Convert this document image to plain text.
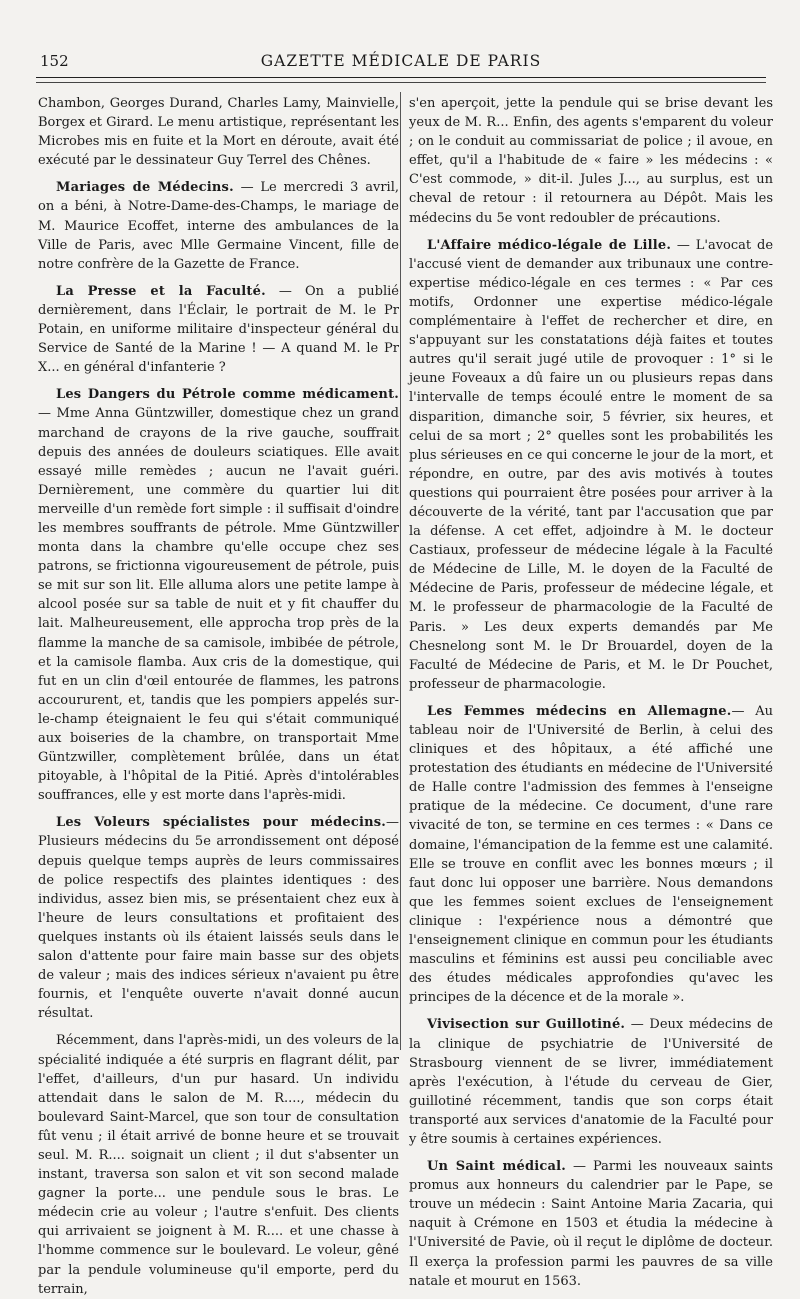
152	GAZETTE MÉDICALE DE PARIS

Chambon, Georges Durand, Charles Lamy, Mainvielle, Borgex et Girard. Le menu artistique, représentant les Microbes mis en fuite et la Mort en déroute, avait été exécuté par le dessinateur Guy Terrel des Chênes.

Mariages de Médecins. — Le mercredi 3 avril, on a béni, à Notre-Dame-des-Champs, le mariage de M. Maurice Ecoffet, interne des ambulances de la Ville de Paris, avec Mlle Germaine Vincent, fille de notre confrère de la Gazette de France.

La Presse et la Faculté. — On a publié dernièrement, dans l'Éclair, le portrait de M. le Pr Potain, en uniforme militaire d'inspecteur général du Service de Santé de la Marine ! — A quand M. le Pr X... en général d'infanterie ?

Les Dangers du Pétrole comme médicament. — Mme Anna Güntzwiller, domestique chez un grand marchand de crayons de la rive gauche, souffrait depuis des années de douleurs sciatiques. Elle avait essayé mille remèdes ; aucun ne l'avait guéri. Dernièrement, une commère du quartier lui dit merveille d'un remède fort simple : il suffisait d'oindre les membres souffrants de pétrole. Mme Güntzwiller monta dans la chambre qu'elle occupe chez ses patrons, se frictionna vigoureusement de pétrole, puis se mit sur son lit. Elle alluma alors une petite lampe à alcool posée sur sa table de nuit et y fit chauffer du lait. Malheureusement, elle approcha trop près de la flamme la manche de sa camisole, imbibée de pétrole, et la camisole flamba. Aux cris de la domestique, qui fut en un clin d'œil entourée de flammes, les patrons accoururent, et, tandis que les pompiers appelés sur-le-champ éteignaient le feu qui s'était communiqué aux boiseries de la chambre, on transportait Mme Güntzwiller, complètement brûlée, dans un état pitoyable, à l'hôpital de la Pitié. Après d'intolérables souffrances, elle y est morte dans l'après-midi.

Les Voleurs spécialistes pour médecins.—Plusieurs médecins du 5e arrondissement ont déposé depuis quelque temps auprès de leurs commissaires de police respectifs des plaintes identiques : des individus, assez bien mis, se présentaient chez eux à l'heure de leurs consultations et profitaient des quelques instants où ils étaient laissés seuls dans le salon d'attente pour faire main basse sur des objets de valeur ; mais des indices sérieux n'avaient pu être fournis, et l'enquête ouverte n'avait donné aucun résultat.

Récemment, dans l'après-midi, un des voleurs de la spécialité indiquée a été surpris en flagrant délit, par l'effet, d'ailleurs, d'un pur hasard. Un individu attendait dans le salon de M. R...., médecin du boulevard Saint-Marcel, que son tour de consultation fût venu ; il était arrivé de bonne heure et se trouvait seul. M. R.... soignait un client ; il dut s'absenter un instant, traversa son salon et vit son second malade gagner la porte... une pendule sous le bras. Le médecin crie au voleur ; l'autre s'enfuit. Des clients qui arrivaient se joignent à M. R.... et une chasse à l'homme commence sur le boulevard. Le voleur, gêné par la pendule volumineuse qu'il emporte, perd du terrain,

s'en aperçoit, jette la pendule qui se brise devant les yeux de M. R... Enfin, des agents s'emparent du voleur ; on le conduit au commissariat de police ; il avoue, en effet, qu'il a l'habitude de « faire » les médecins : « C'est commode, » dit-il. Jules J..., au surplus, est un cheval de retour : il retournera au Dépôt. Mais les médecins du 5e vont redoubler de précautions.

L'Affaire médico-légale de Lille. — L'avocat de l'accusé vient de demander aux tribunaux une contre-expertise médico-légale en ces termes : « Par ces motifs, Ordonner une expertise médico-légale complémentaire à l'effet de rechercher et dire, en s'appuyant sur les constatations déjà faites et toutes autres qu'il serait jugé utile de provoquer : 1° si le jeune Foveaux a dû faire un ou plusieurs repas dans l'intervalle de temps écoulé entre le moment de sa disparition, dimanche soir, 5 février, six heures, et celui de sa mort ; 2° quelles sont les probabilités les plus sérieuses en ce qui concerne le jour de la mort, et répondre, en outre, par des avis motivés à toutes questions qui pourraient être posées pour arriver à la découverte de la vérité, tant par l'accusation que par la défense. A cet effet, adjoindre à M. le docteur Castiaux, professeur de médecine légale à la Faculté de Médecine de Lille, M. le doyen de la Faculté de Médecine de Paris, professeur de médecine légale, et M. le professeur de pharmacologie de la Faculté de Paris. » Les deux experts demandés par Me Chesnelong sont M. le Dr Brouardel, doyen de la Faculté de Médecine de Paris, et M. le Dr Pouchet, professeur de pharmacologie.

Les Femmes médecins en Allemagne.— Au tableau noir de l'Université de Berlin, à celui des cliniques et des hôpitaux, a été affiché une protestation des étudiants en médecine de l'Université de Halle contre l'admission des femmes à l'enseigne pratique de la médecine. Ce document, d'une rare vivacité de ton, se termine en ces termes : « Dans ce domaine, l'émancipation de la femme est une calamité. Elle se trouve en conflit avec les bonnes mœurs ; il faut donc lui opposer une barrière. Nous demandons que les femmes soient exclues de l'enseignement clinique : l'expérience nous a démontré que l'enseignement clinique en commun pour les étudiants masculins et féminins est aussi peu conciliable avec des études médicales approfondies qu'avec les principes de la décence et de la morale ».

Vivisection sur Guillotiné. — Deux médecins de la clinique de psychiatrie de l'Université de Strasbourg viennent de se livrer, immédiatement après l'exécution, à l'étude du cerveau de Gier, guillotiné récemment, tandis que son corps était transporté aux services d'anatomie de la Faculté pour y être soumis à certaines expériences.

Un Saint médical. — Parmi les nouveaux saints promus aux honneurs du calendrier par le Pape, se trouve un médecin : Saint Antoine Maria Zacaria, qui naquit à Crémone en 1503 et étudia la médecine à l'Université de Pavie, où il reçut le diplôme de docteur. Il exerça la profession parmi les pauvres de sa ville natale et mourut en 1563.
